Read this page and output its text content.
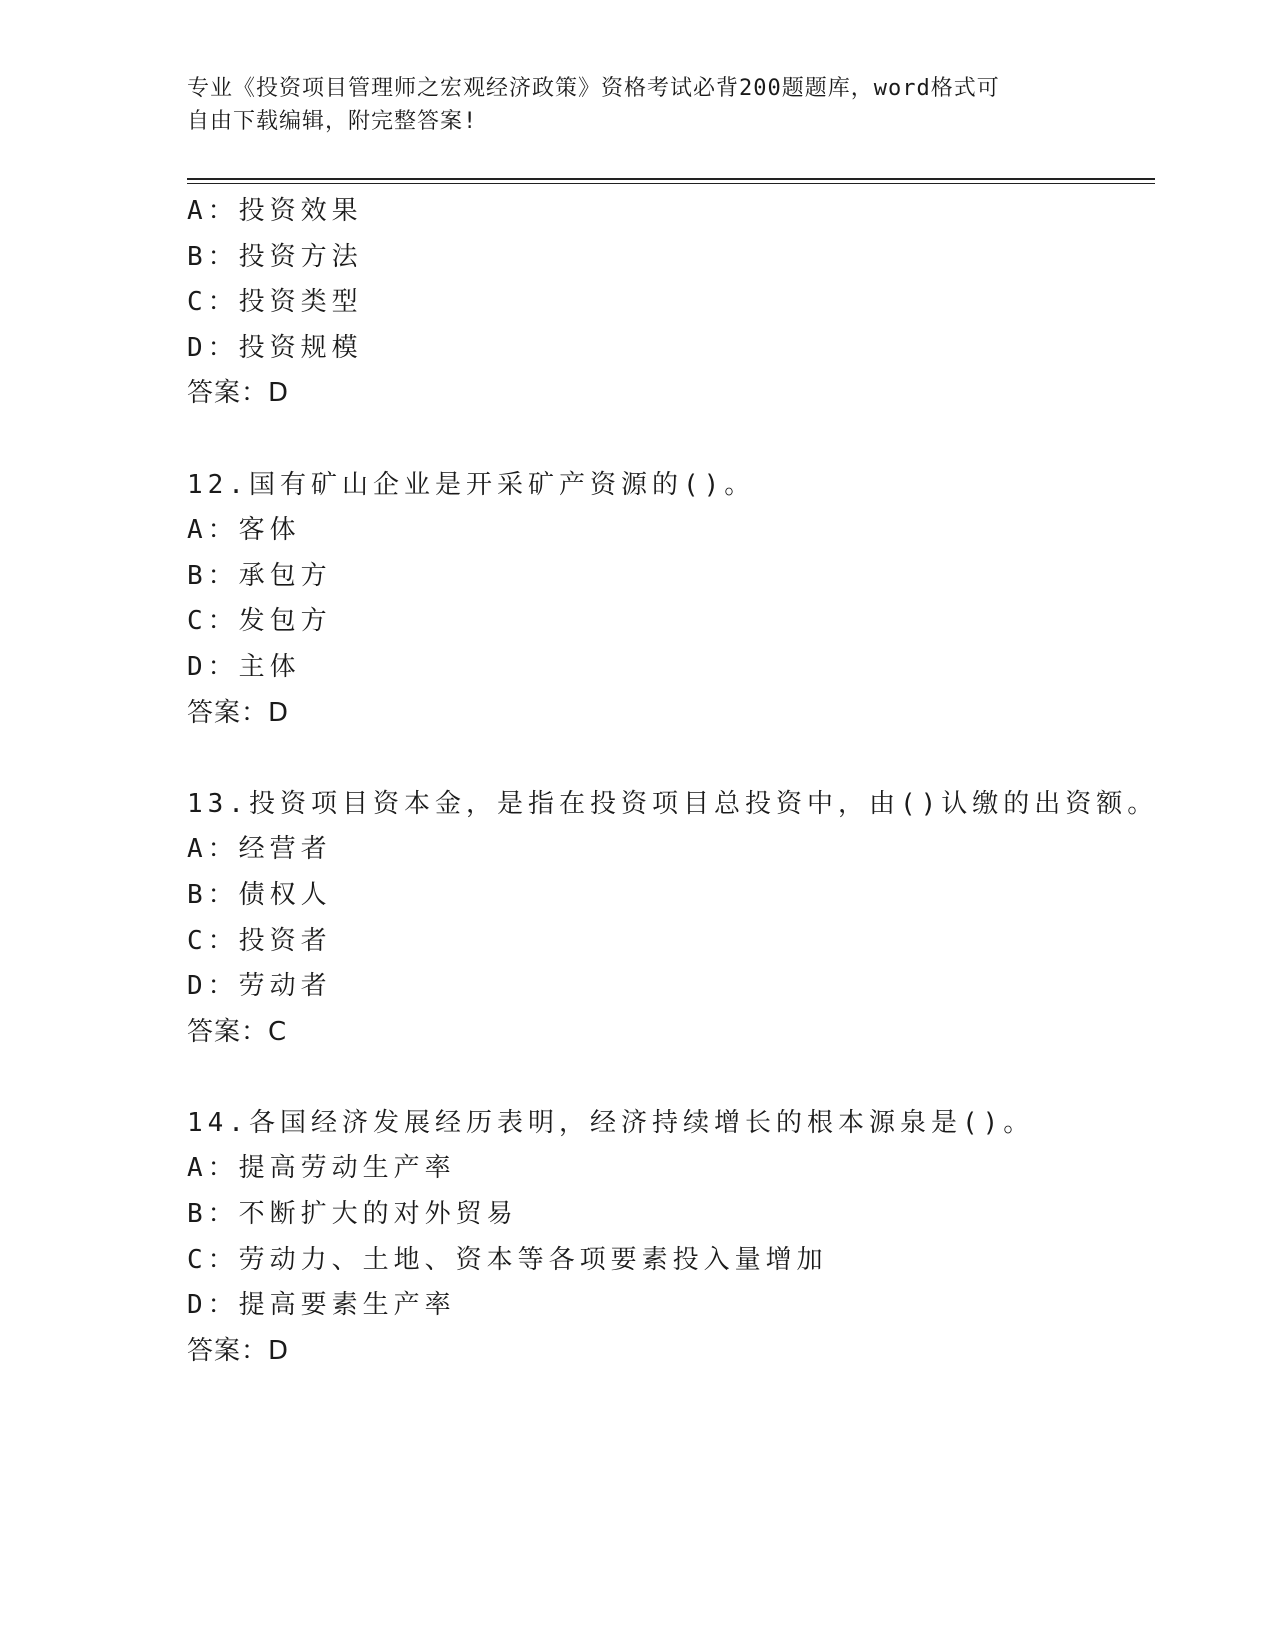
专业《投资项目管理师之宏观经济政策》资格考试必背200题题库，word格式可
自由下载编辑，附完整答案!
A：投资效果
B：投资方法
C：投资类型
D：投资规模
答案：D
12.国有矿山企业是开采矿产资源的()。
A：客体
B：承包方
C：发包方
D：主体
答案：D
13.投资项目资本金，是指在投资项目总投资中，由()认缴的出资额。
A：经营者
B：债权人
C：投资者
D：劳动者
答案：C
14.各国经济发展经历表明，经济持续增长的根本源泉是()。
A：提高劳动生产率
B：不断扩大的对外贸易
C：劳动力、土地、资本等各项要素投入量增加
D：提高要素生产率
答案：D
